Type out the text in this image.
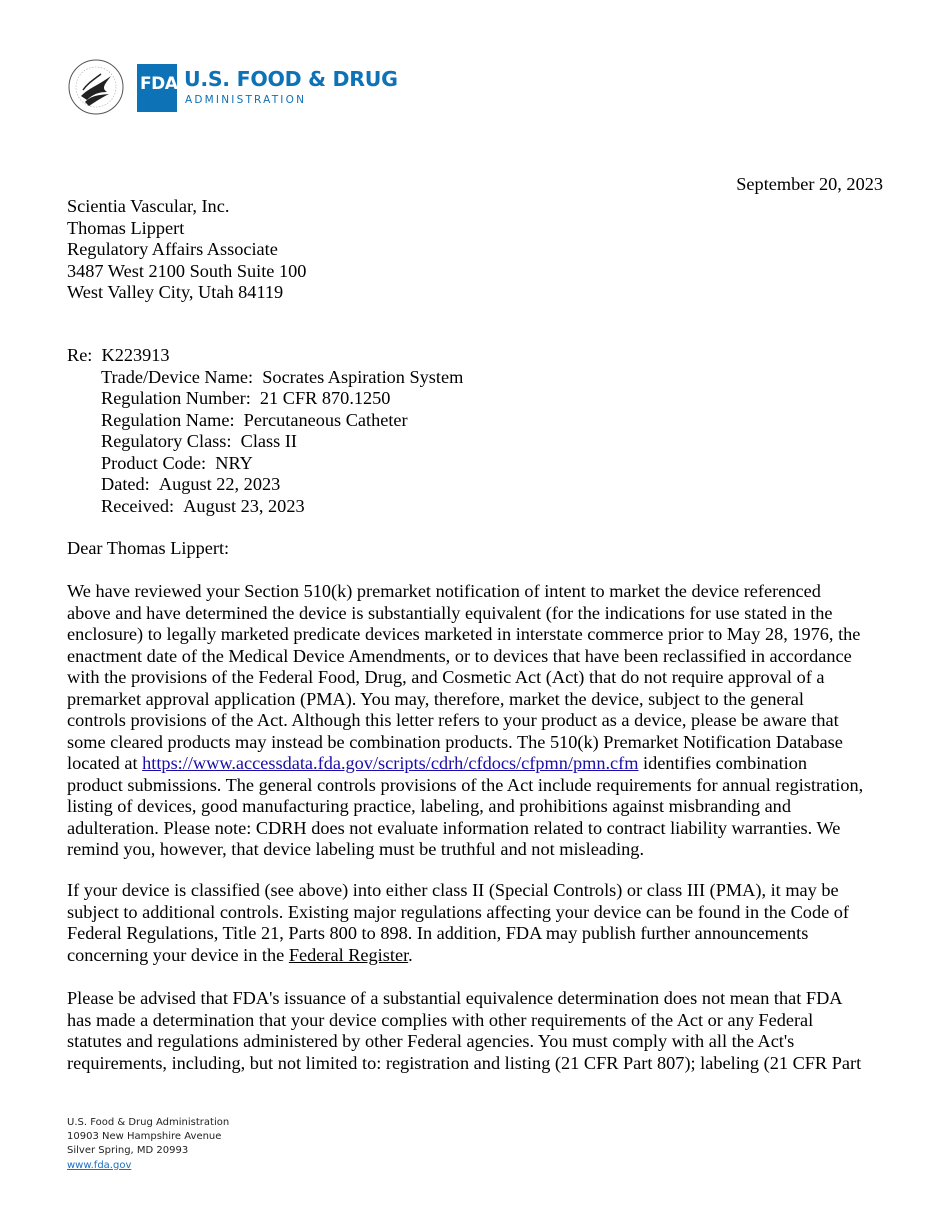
FDA U.S. FOOD & DRUG
ADMINISTRATION
September 20, 2023
Scientia Vascular, Inc.
Thomas Lippert
Regulatory Affairs Associate
3487 West 2100 South Suite 100
West Valley City, Utah 84119
Re: K223913
Trade/Device Name:  Socrates Aspiration System
Regulation Number:  21 CFR 870.1250
Regulation Name:  Percutaneous Catheter
Regulatory Class:  Class II
Product Code:  NRY
Dated:  August 22, 2023
Received:  August 23, 2023
Dear Thomas Lippert:
We have reviewed your Section 510(k) premarket notification of intent to market the device referenced
above and have determined the device is substantially equivalent (for the indications for use stated in the
enclosure) to legally marketed predicate devices marketed in interstate commerce prior to May 28, 1976, the
enactment date of the Medical Device Amendments, or to devices that have been reclassified in accordance
with the provisions of the Federal Food, Drug, and Cosmetic Act (Act) that do not require approval of a
premarket approval application (PMA). You may, therefore, market the device, subject to the general
controls provisions of the Act. Although this letter refers to your product as a device, please be aware that
some cleared products may instead be combination products. The 510(k) Premarket Notification Database
located at https://www.accessdata.fda.gov/scripts/cdrh/cfdocs/cfpmn/pmn.cfm identifies combination
product submissions. The general controls provisions of the Act include requirements for annual registration,
listing of devices, good manufacturing practice, labeling, and prohibitions against misbranding and
adulteration. Please note: CDRH does not evaluate information related to contract liability warranties. We
remind you, however, that device labeling must be truthful and not misleading.
If your device is classified (see above) into either class II (Special Controls) or class III (PMA), it may be
subject to additional controls. Existing major regulations affecting your device can be found in the Code of
Federal Regulations, Title 21, Parts 800 to 898. In addition, FDA may publish further announcements
concerning your device in the Federal Register.
Please be advised that FDA's issuance of a substantial equivalence determination does not mean that FDA
has made a determination that your device complies with other requirements of the Act or any Federal
statutes and regulations administered by other Federal agencies. You must comply with all the Act's
requirements, including, but not limited to: registration and listing (21 CFR Part 807); labeling (21 CFR Part
U.S. Food & Drug Administration
10903 New Hampshire Avenue
Silver Spring, MD 20993
www.fda.gov
